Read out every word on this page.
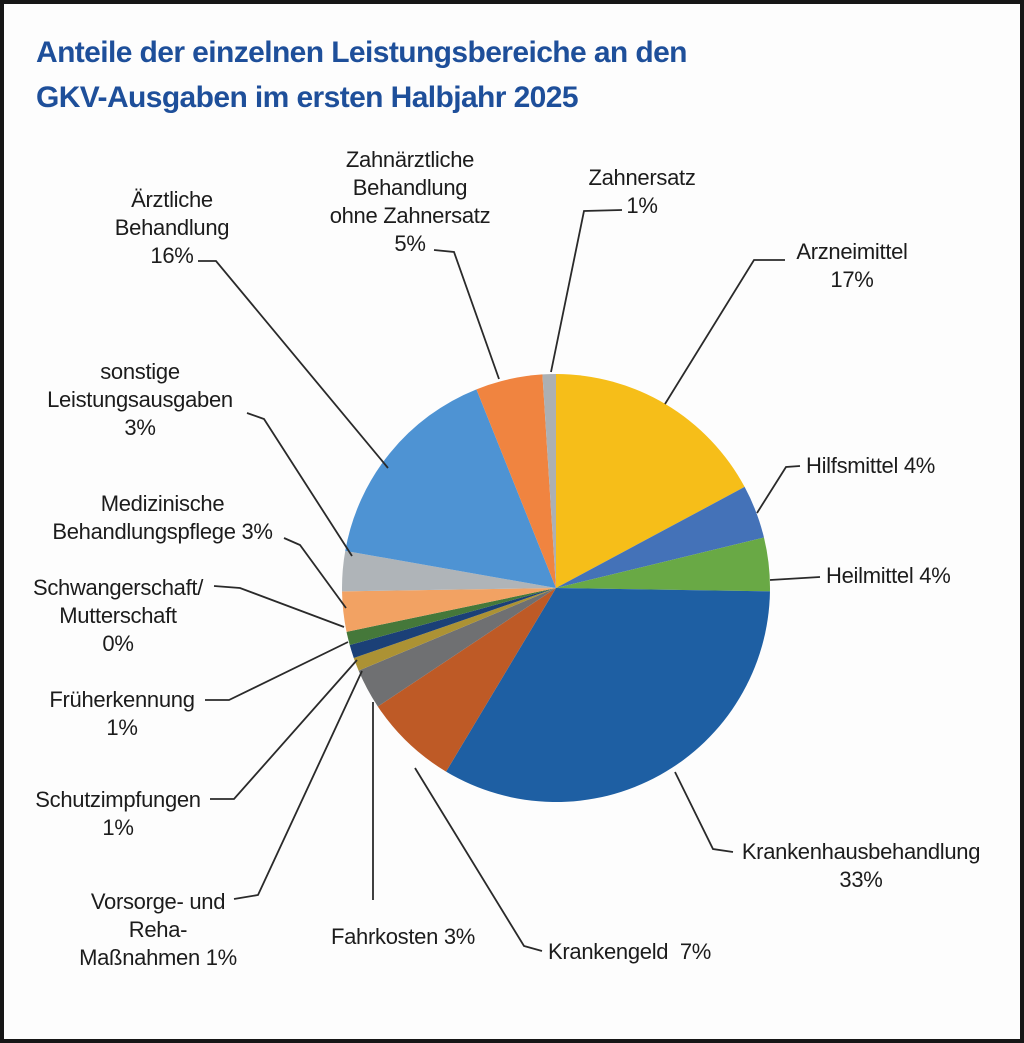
Anteile der einzelnen Leistungsbereiche an den
GKV-Ausgaben im ersten Halbjahr 2025
Arzneimittel
17%
Hilfsmittel 4%
Heilmittel 4%
Krankenhausbehandlung
33%
Krankengeld  7%
Fahrkosten 3%
Vorsorge- und
Reha-
Maßnahmen 1%
Schutzimpfungen
1%
Früherkennung
1%
Schwangerschaft/
Mutterschaft
0%
Medizinische
Behandlungspflege 3%
sonstige
Leistungsausgaben
3%
Ärztliche
Behandlung
16%
Zahnärztliche
Behandlung
ohne Zahnersatz
5%
Zahnersatz
1%
